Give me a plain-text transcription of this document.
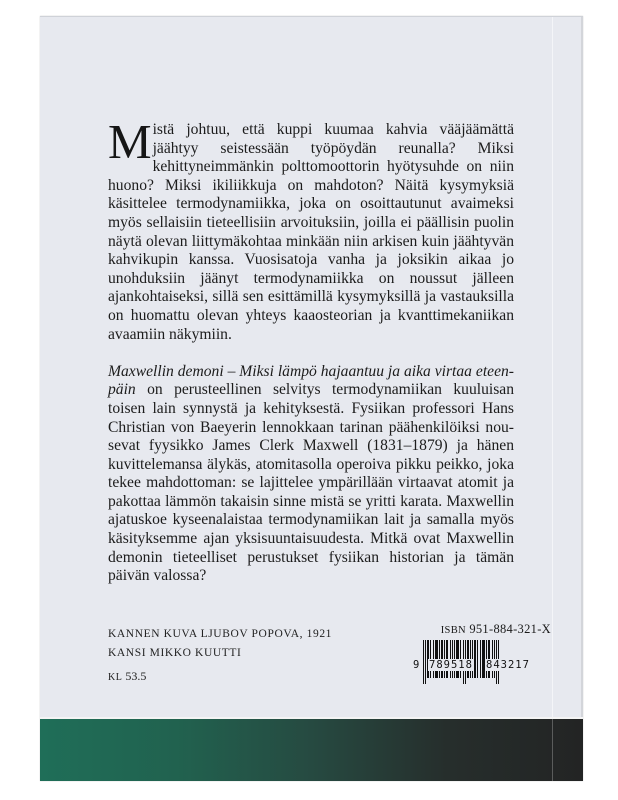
Mistä johtuu, että kuppi kuumaa kahvia vääjäämättä jäähtyy seistessään työpöydän reunalla? Miksi kehittyneimmänkin polttomoottorin hyötysuhde on niin huono? Miksi ikiliikkuja on mahdoton? Näitä kysymyksiä käsittelee termodynamiikka, joka on osoittautunut avaimeksi myös sellaisiin tieteellisiin arvoituksiin, joilla ei päällisin puolin näytä olevan liittymäkohtaa minkään niin arkisen kuin jäähtyvän kahvikupin kanssa. Vuosisatoja vanha ja joksikin aikaa jo unohduksiin jäänyt termodynamiikka on noussut jälleen ajankohtaiseksi, sillä sen esittämillä kysymyksillä ja vastauksilla on huomattu olevan yhteys kaaosteorian ja kvanttimekaniikan avaamiin näkymiin.

Maxwellin demoni – Miksi lämpö hajaantuu ja aika virtaa eteenpäin on perusteellinen selvitys termodynamiikan kuuluisan toisen lain synnystä ja kehityksestä. Fysiikan professori Hans Christian von Baeyerin lennokkaan tarinan päähenkilöiksi nousevat fyysikko James Clerk Maxwell (1831–1879) ja hänen kuvittelemansa älykäs, atomitasolla operoiva pikku peikko, joka tekee mahdottoman: se lajittelee ympärillään virtaavat atomit ja pakottaa lämmön takaisin sinne mistä se yritti karata. Maxwellin ajatuskoe kyseenalaistaa termodynamiikan lait ja samalla myös käsityksemme ajan yksisuuntaisuudesta. Mitkä ovat Maxwellin demonin tieteelliset perustukset fysiikan historian ja tämän päivän valossa?

KANNEN KUVA LJUBOV POPOVA, 1921
KANSI MIKKO KUUTTI
KL 53.5
ISBN 951-884-321-X
9 789518 843217
